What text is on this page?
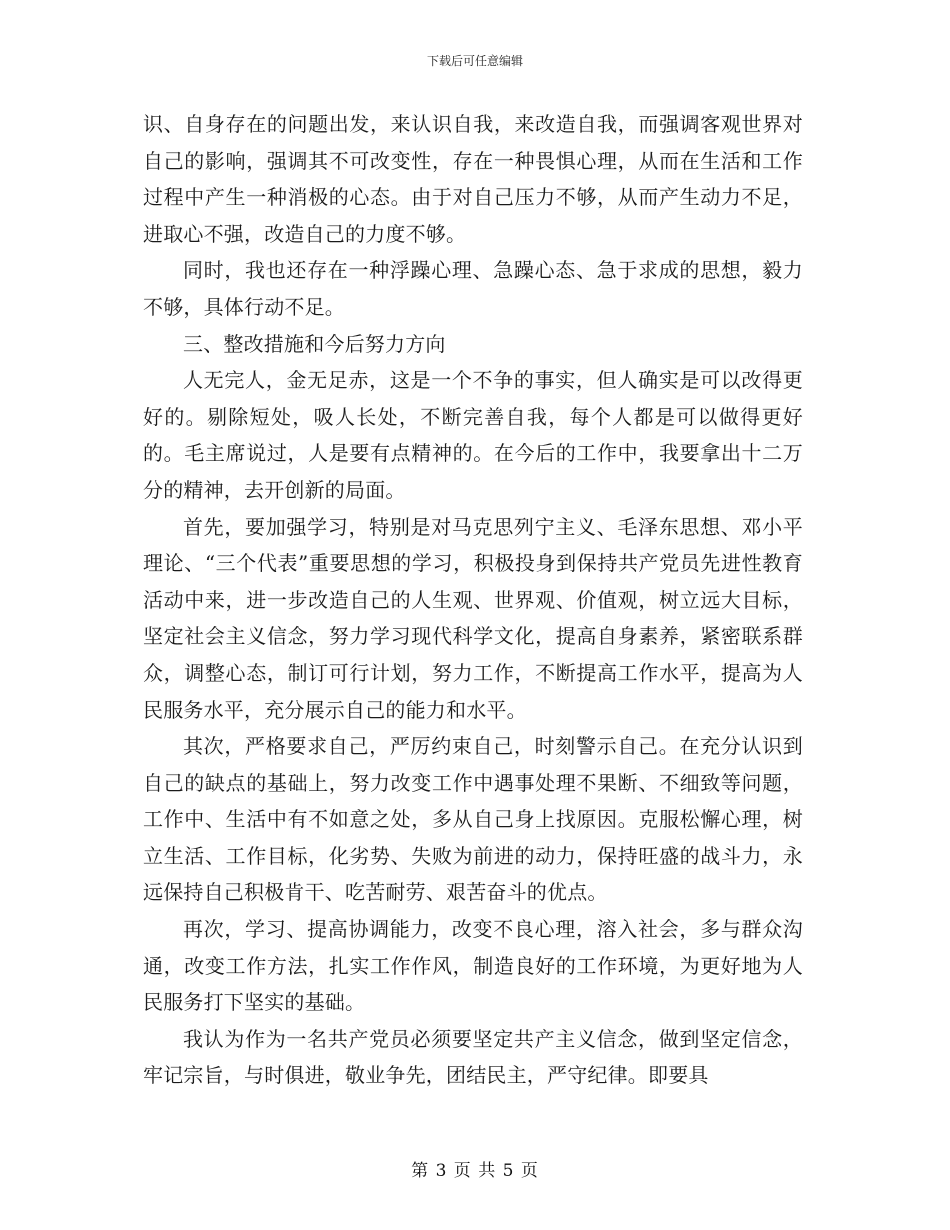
下载后可任意编辑

识、自身存在的问题出发，来认识自我，来改造自我，而强调客观世界对自己的影响，强调其不可改变性，存在一种畏惧心理，从而在生活和工作过程中产生一种消极的心态。由于对自己压力不够，从而产生动力不足，进取心不强，改造自己的力度不够。

同时，我也还存在一种浮躁心理、急躁心态、急于求成的思想，毅力不够，具体行动不足。

三、整改措施和今后努力方向

人无完人，金无足赤，这是一个不争的事实，但人确实是可以改得更好的。剔除短处，吸人长处，不断完善自我，每个人都是可以做得更好的。毛主席说过，人是要有点精神的。在今后的工作中，我要拿出十二万分的精神，去开创新的局面。

首先，要加强学习，特别是对马克思列宁主义、毛泽东思想、邓小平理论、“三个代表”重要思想的学习，积极投身到保持共产党员先进性教育活动中来，进一步改造自己的人生观、世界观、价值观，树立远大目标，坚定社会主义信念，努力学习现代科学文化，提高自身素养，紧密联系群众，调整心态，制订可行计划，努力工作，不断提高工作水平，提高为人民服务水平，充分展示自己的能力和水平。

其次，严格要求自己，严厉约束自己，时刻警示自己。在充分认识到自己的缺点的基础上，努力改变工作中遇事处理不果断、不细致等问题，工作中、生活中有不如意之处，多从自己身上找原因。克服松懈心理，树立生活、工作目标，化劣势、失败为前进的动力，保持旺盛的战斗力，永远保持自己积极肯干、吃苦耐劳、艰苦奋斗的优点。

再次，学习、提高协调能力，改变不良心理，溶入社会，多与群众沟通，改变工作方法，扎实工作作风，制造良好的工作环境，为更好地为人民服务打下坚实的基础。

我认为作为一名共产党员必须要坚定共产主义信念，做到坚定信念，牢记宗旨，与时俱进，敬业争先，团结民主，严守纪律。即要具

第 3 页 共 5 页
